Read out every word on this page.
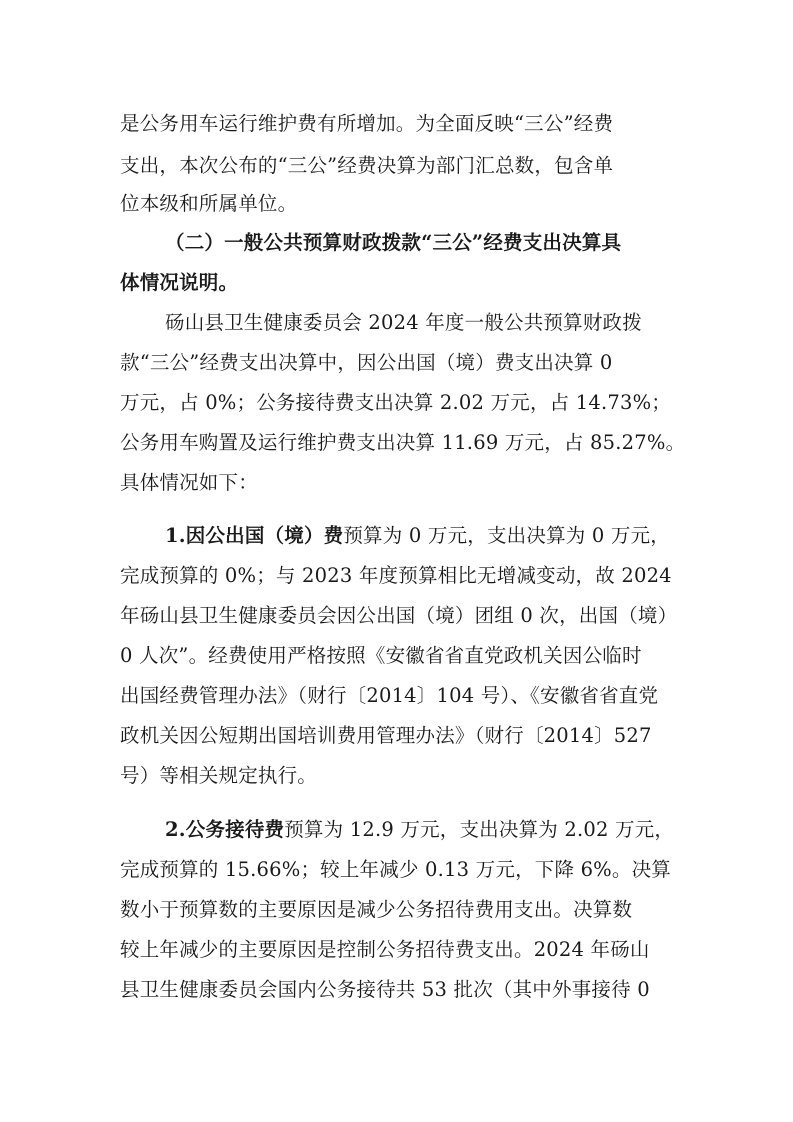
是公务用车运行维护费有所增加。为全面反映“三公”经费
支出，本次公布的“三公”经费决算为部门汇总数，包含单
位本级和所属单位。
（二）一般公共预算财政拨款“三公”经费支出决算具
体情况说明。
砀山县卫生健康委员会 2024 年度一般公共预算财政拨
款“三公”经费支出决算中，因公出国（境）费支出决算 0
万元，占 0%；公务接待费支出决算 2.02 万元，占 14.73%；
公务用车购置及运行维护费支出决算 11.69 万元，占 85.27%。
具体情况如下：
1.因公出国（境）费预算为 0 万元，支出决算为 0 万元，
完成预算的 0%；与 2023 年度预算相比无增减变动，故 2024
年砀山县卫生健康委员会因公出国（境）团组 0 次，出国（境）
0 人次”。经费使用严格按照《安徽省省直党政机关因公临时
出国经费管理办法》（财行〔2014〕104 号）、《安徽省省直党
政机关因公短期出国培训费用管理办法》（财行〔2014〕527
号）等相关规定执行。
2.公务接待费预算为 12.9 万元，支出决算为 2.02 万元，
完成预算的 15.66%；较上年减少 0.13 万元，下降 6%。决算
数小于预算数的主要原因是减少公务招待费用支出。决算数
较上年减少的主要原因是控制公务招待费支出。2024 年砀山
县卫生健康委员会国内公务接待共 53 批次（其中外事接待 0
